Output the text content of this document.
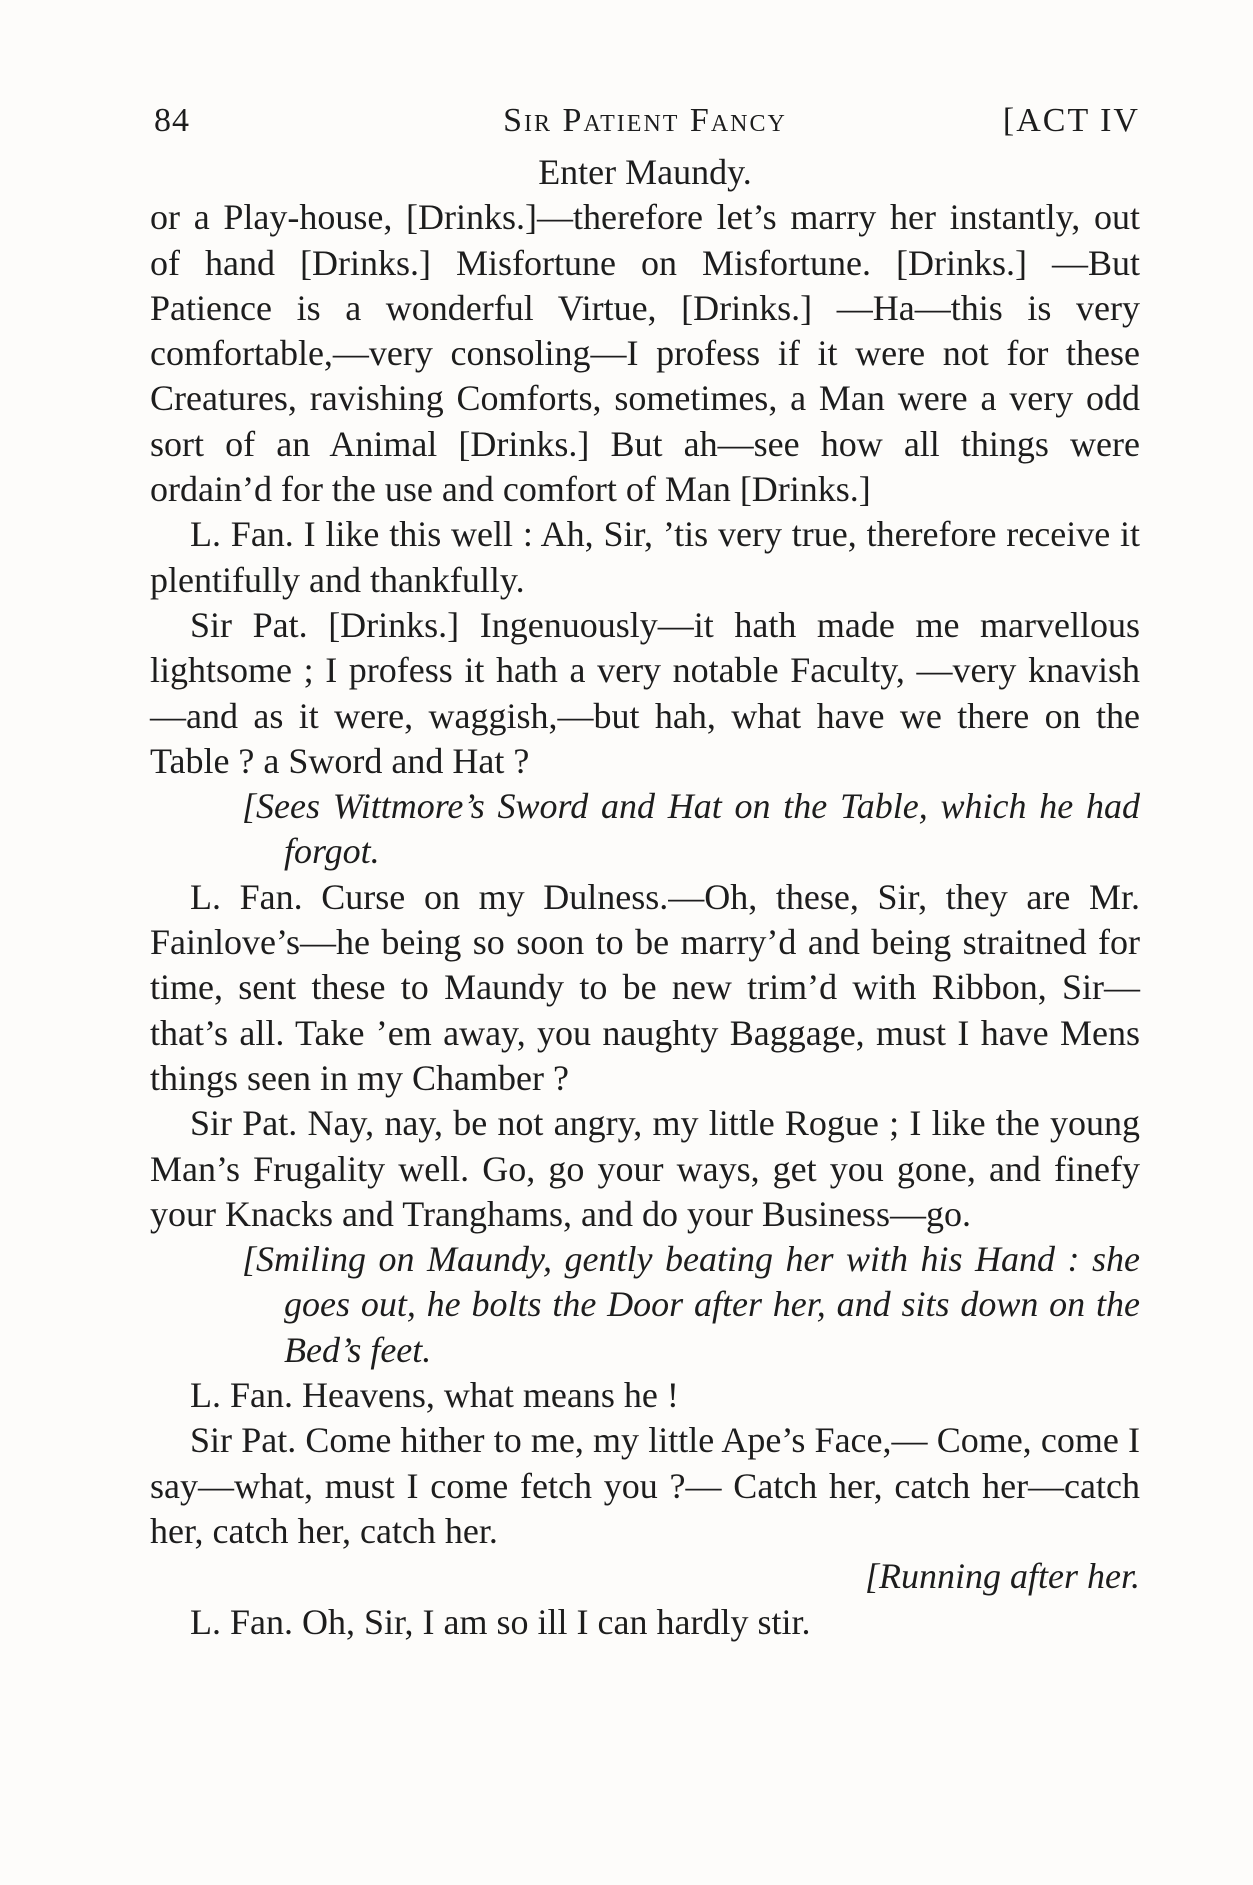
84	Sir Patient Fancy	[ACT IV

Enter Maundy.

or a Play-house, [Drinks.]—therefore let’s marry her instantly, out of hand [Drinks.] Misfortune on Misfortune. [Drinks.] —But Patience is a wonderful Virtue, [Drinks.] —Ha—this is very comfortable,—very consoling—I profess if it were not for these Creatures, ravishing Comforts, sometimes, a Man were a very odd sort of an Animal [Drinks.] But ah—see how all things were ordain’d for the use and comfort of Man [Drinks.]

L. Fan. I like this well : Ah, Sir, ’tis very true, therefore receive it plentifully and thankfully.

Sir Pat. [Drinks.] Ingenuously—it hath made me marvellous lightsome ; I profess it hath a very notable Faculty, —very knavish—and as it were, waggish,—but hah, what have we there on the Table ? a Sword and Hat ?

[Sees Wittmore’s Sword and Hat on the Table, which he had forgot.

L. Fan. Curse on my Dulness.—Oh, these, Sir, they are Mr. Fainlove’s—he being so soon to be marry’d and being straitned for time, sent these to Maundy to be new trim’d with Ribbon, Sir—that’s all. Take ’em away, you naughty Baggage, must I have Mens things seen in my Chamber ?

Sir Pat. Nay, nay, be not angry, my little Rogue ; I like the young Man’s Frugality well. Go, go your ways, get you gone, and finefy your Knacks and Tranghams, and do your Business—go.

[Smiling on Maundy, gently beating her with his Hand : she goes out, he bolts the Door after her, and sits down on the Bed’s feet.

L. Fan. Heavens, what means he !

Sir Pat. Come hither to me, my little Ape’s Face,— Come, come I say—what, must I come fetch you ?— Catch her, catch her—catch her, catch her, catch her.

[Running after her.

L. Fan. Oh, Sir, I am so ill I can hardly stir.
